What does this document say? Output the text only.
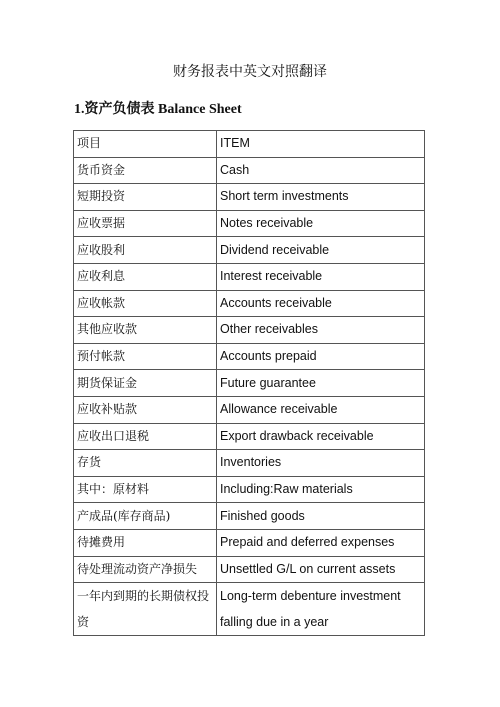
财务报表中英文对照翻译
1.资产负债表 Balance Sheet
项目	ITEM
货币资金	Cash
短期投资	Short term investments
应收票据	Notes receivable
应收股利	Dividend receivable
应收利息	Interest receivable
应收帐款	Accounts receivable
其他应收款	Other receivables
预付帐款	Accounts prepaid
期货保证金	Future guarantee
应收补贴款	Allowance receivable
应收出口退税	Export drawback receivable
存货	Inventories
其中：原材料	Including:Raw materials
产成品(库存商品)	Finished goods
待摊费用	Prepaid and deferred expenses
待处理流动资产净损失	Unsettled G/L on current assets
一年内到期的长期债权投资	Long-term debenture investment falling due in a year
